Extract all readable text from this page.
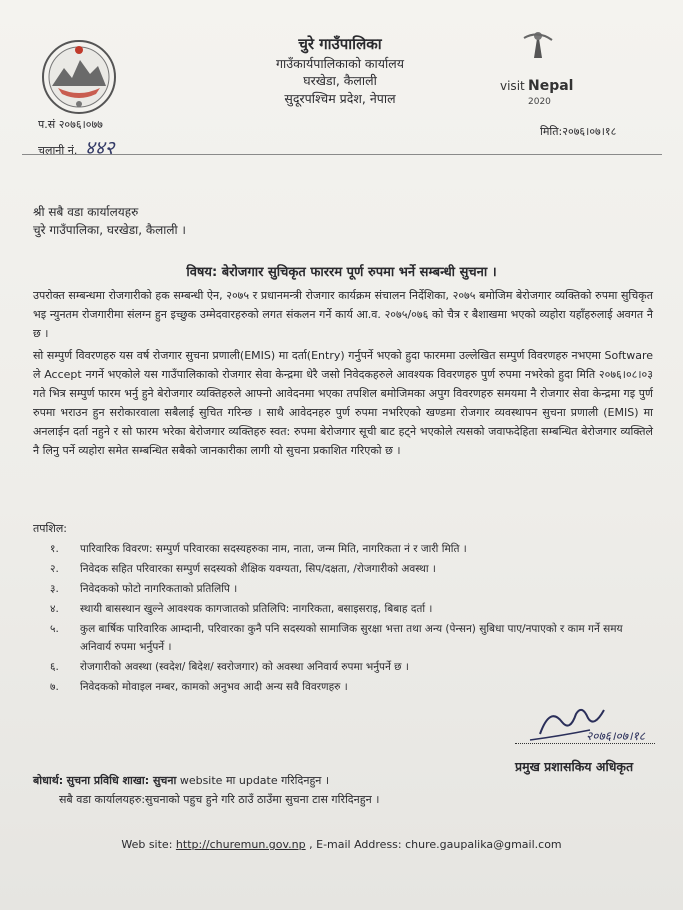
चुरे गाउँपालिका
गाउँकार्यपालिकाको कार्यालय
घरखेडा, कैलाली
सुदूरपश्चिम प्रदेश, नेपाल
visit Nepal
2020
प.सं २०७६।०७७
चलानी नं. ४४२
मिति:२०७६।०७।१८
श्री सबै वडा कार्यालयहरु
चुरे गाउँपालिका, घरखेडा, कैलाली ।
विषय: बेरोजगार सुचिकृत फाररम पूर्ण रुपमा भर्ने सम्बन्धी सुचना ।
उपरोक्त सम्बन्धमा रोजगारीको हक सम्बन्धी ऐन, २०७५ र प्रधानमन्त्री रोजगार कार्यक्रम संचालन निर्देशिका, २०७५ बमोजिम बेरोजगार व्यक्तिको रुपमा सुचिकृत भइ न्युनतम रोजगारीमा संलग्न हुन इच्छुक उम्मेदवारहरुको लगत संकलन गर्ने कार्य आ.व. २०७५/०७६ को चैत्र र बैशाखमा भएको व्यहोरा यहाँहरुलाई अवगत नै छ ।
सो सम्पुर्ण विवरणहरु यस वर्ष रोजगार सुचना प्रणाली(EMIS) मा दर्ता(Entry) गर्नुपर्ने भएको हुदा फारममा उल्लेखित सम्पुर्ण विवरणहरु नभएमा Software ले Accept नगर्ने भएकोले यस गाउँपालिकाको रोजगार सेवा केन्द्रमा धेरै जसो निवेदकहरुले आवश्यक विवरणहरु पुर्ण रुपमा नभरेको हुदा मिति २०७६।०८।०३ गते भित्र सम्पुर्ण फारम भर्नु हुने बेरोजगार व्यक्तिहरुले आफ्नो आवेदनमा भएका तपशिल बमोजिमका अपुग विवरणहरु समयमा नै रोजगार सेवा केन्द्रमा गइ पुर्ण रुपमा भराउन हुन सरोकारवाला सबैलाई सुचित गरिन्छ । साथै आवेदनहरु पुर्ण रुपमा नभरिएको खण्डमा रोजगार व्यवस्थापन सुचना प्रणाली (EMIS) मा अनलाईन दर्ता नहुने र सो फारम भरेका बेरोजगार व्यक्तिहरु स्वत: रुपमा बेरोजगार सूची बाट हट्ने भएकोले त्यसको जवाफदेहिता सम्बन्धित बेरोजगार व्यक्तिले नै लिनु पर्ने व्यहोरा समेत सम्बन्धित सबैको जानकारीका लागी यो सुचना प्रकाशित गरिएको छ ।
तपशिल:
१. पारिवारिक विवरण: सम्पुर्ण परिवारका सदस्यहरुका नाम, नाता, जन्म मिति, नागरिकता नं र जारी मिति ।
२. निवेदक सहित परिवारका सम्पुर्ण सदस्यको शैक्षिक यवग्यता, सिप/दक्षता, /रोजगारीको अवस्था ।
३. निवेदकको फोटो नागरिकताको प्रतिलिपि ।
४. स्थायी बासस्थान खुल्ने आवश्यक कागजातको प्रतिलिपि: नागरिकता, बसाइसराइ, बिबाह दर्ता ।
५. कुल बार्षिक पारिवारिक आम्दानी, परिवारका कुनै पनि सदस्यको सामाजिक सुरक्षा भत्ता तथा अन्य (पेन्सन) सुबिधा पाए/नपाएको र काम गर्ने समय अनिवार्य रुपमा भर्नुपर्ने ।
६. रोजगारीको अवस्था (स्वदेश/ बिदेश/ स्वरोजगार) को अवस्था अनिवार्य रुपमा भर्नुपर्ने छ ।
७. निवेदकको मोवाइल नम्बर, कामको अनुभव आदी अन्य सवै विवरणहरु ।
२०७६।०७।१८
प्रमुख प्रशासकिय अधिकृत
बोधार्थ: सुचना प्रविधि शाखा: सुचना website मा update गरिदिनहुन ।
सबै वडा कार्यालयहरु:सुचनाको पहुच हुने गरि ठाउँ ठाउँमा सुचना टास गरिदिनहुन ।
Web site: http://churemun.gov.np , E-mail Address: chure.gaupalika@gmail.com
